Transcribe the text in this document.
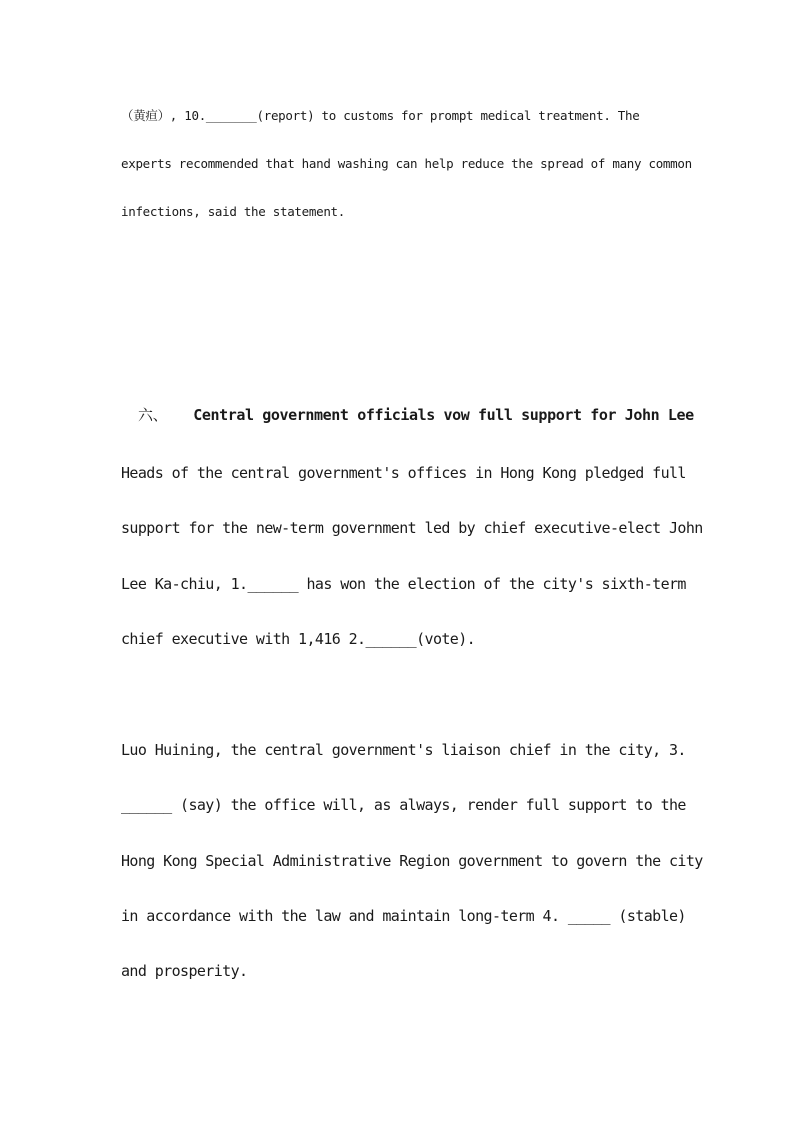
（黄疸）, 10._______(report) to customs for prompt medical treatment. The

experts recommended that hand washing can help reduce the spread of many common

infections, said the statement.

六、 Central government officials vow full support for John Lee

Heads of the central government's offices in Hong Kong pledged full

support for the new-term government led by chief executive-elect John

Lee Ka-chiu, 1.______ has won the election of the city's sixth-term

chief executive with 1,416 2.______(vote).

Luo Huining, the central government's liaison chief in the city, 3.

______ (say) the office will, as always, render full support to the

Hong Kong Special Administrative Region government to govern the city

in accordance with the law and maintain long-term 4. _____ (stable)

and prosperity.
